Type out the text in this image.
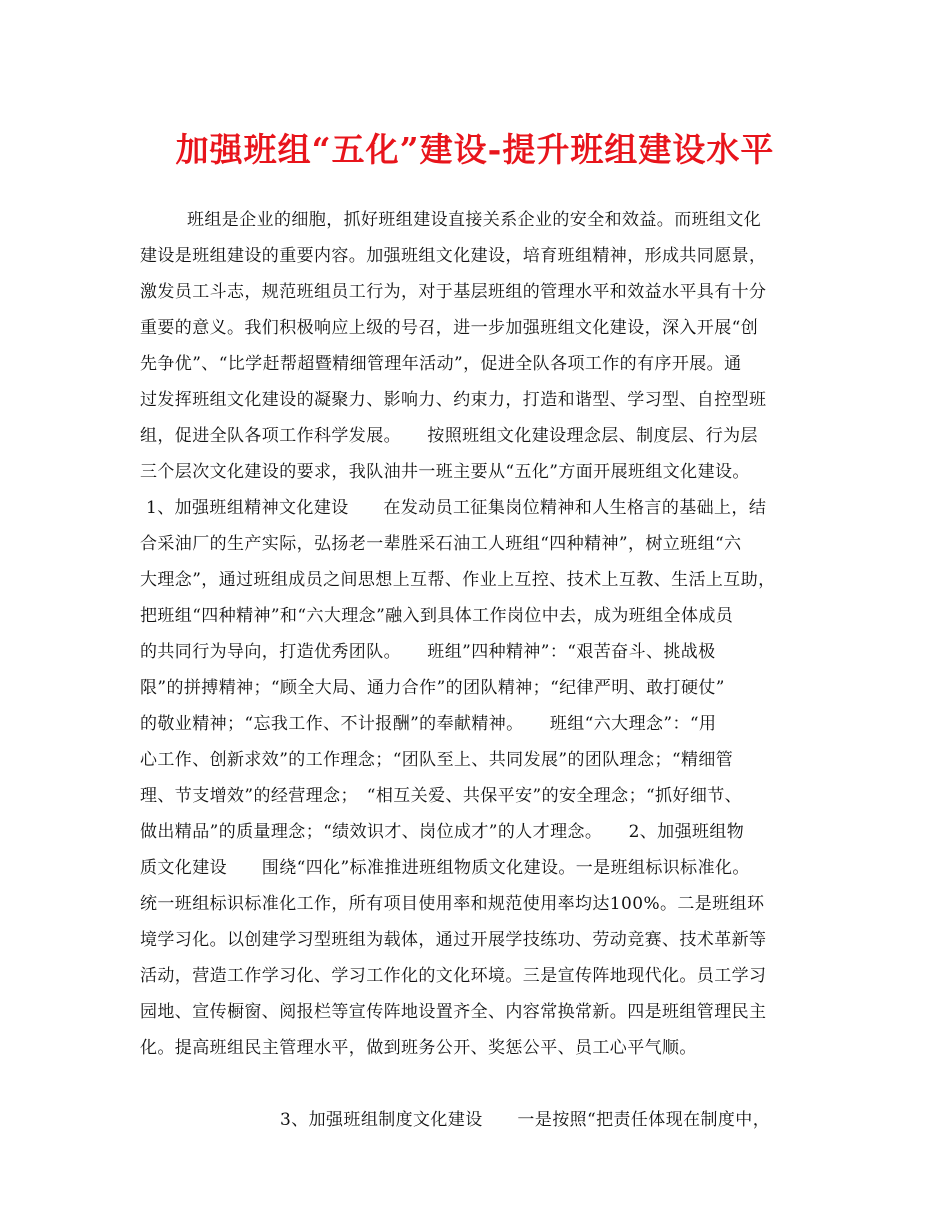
加强班组“五化”建设-提升班组建设水平
班组是企业的细胞，抓好班组建设直接关系企业的安全和效益。而班组文化
建设是班组建设的重要内容。加强班组文化建设，培育班组精神，形成共同愿景，
激发员工斗志，规范班组员工行为，对于基层班组的管理水平和效益水平具有十分
重要的意义。我们积极响应上级的号召，进一步加强班组文化建设，深入开展“创
先争优”、“比学赶帮超暨精细管理年活动”，促进全队各项工作的有序开展。通
过发挥班组文化建设的凝聚力、影响力、约束力，打造和谐型、学习型、自控型班
组，促进全队各项工作科学发展。　　按照班组文化建设理念层、制度层、行为层
三个层次文化建设的要求，我队油井一班主要从“五化”方面开展班组文化建设。
1、加强班组精神文化建设　　在发动员工征集岗位精神和人生格言的基础上，结
合采油厂的生产实际，弘扬老一辈胜采石油工人班组“四种精神”，树立班组“六
大理念”，通过班组成员之间思想上互帮、作业上互控、技术上互教、生活上互助，
把班组“四种精神”和“六大理念”融入到具体工作岗位中去，成为班组全体成员
的共同行为导向，打造优秀团队。　　班组”四种精神”：“艰苦奋斗、挑战极
限”的拼搏精神；“顾全大局、通力合作”的团队精神；“纪律严明、敢打硬仗”
的敬业精神；“忘我工作、不计报酬”的奉献精神。　　班组“六大理念”：“用
心工作、创新求效”的工作理念；“团队至上、共同发展”的团队理念；“精细管
理、节支增效”的经营理念；　“相互关爱、共保平安”的安全理念；“抓好细节、
做出精品”的质量理念；“绩效识才、岗位成才”的人才理念。　　2、加强班组物
质文化建设　　围绕“四化”标准推进班组物质文化建设。一是班组标识标准化。
统一班组标识标准化工作，所有项目使用率和规范使用率均达100%。二是班组环
境学习化。以创建学习型班组为载体，通过开展学技练功、劳动竞赛、技术革新等
活动，营造工作学习化、学习工作化的文化环境。三是宣传阵地现代化。员工学习
园地、宣传橱窗、阅报栏等宣传阵地设置齐全、内容常换常新。四是班组管理民主
化。提高班组民主管理水平，做到班务公开、奖惩公平、员工心平气顺。
3、加强班组制度文化建设　　一是按照“把责任体现在制度中，
